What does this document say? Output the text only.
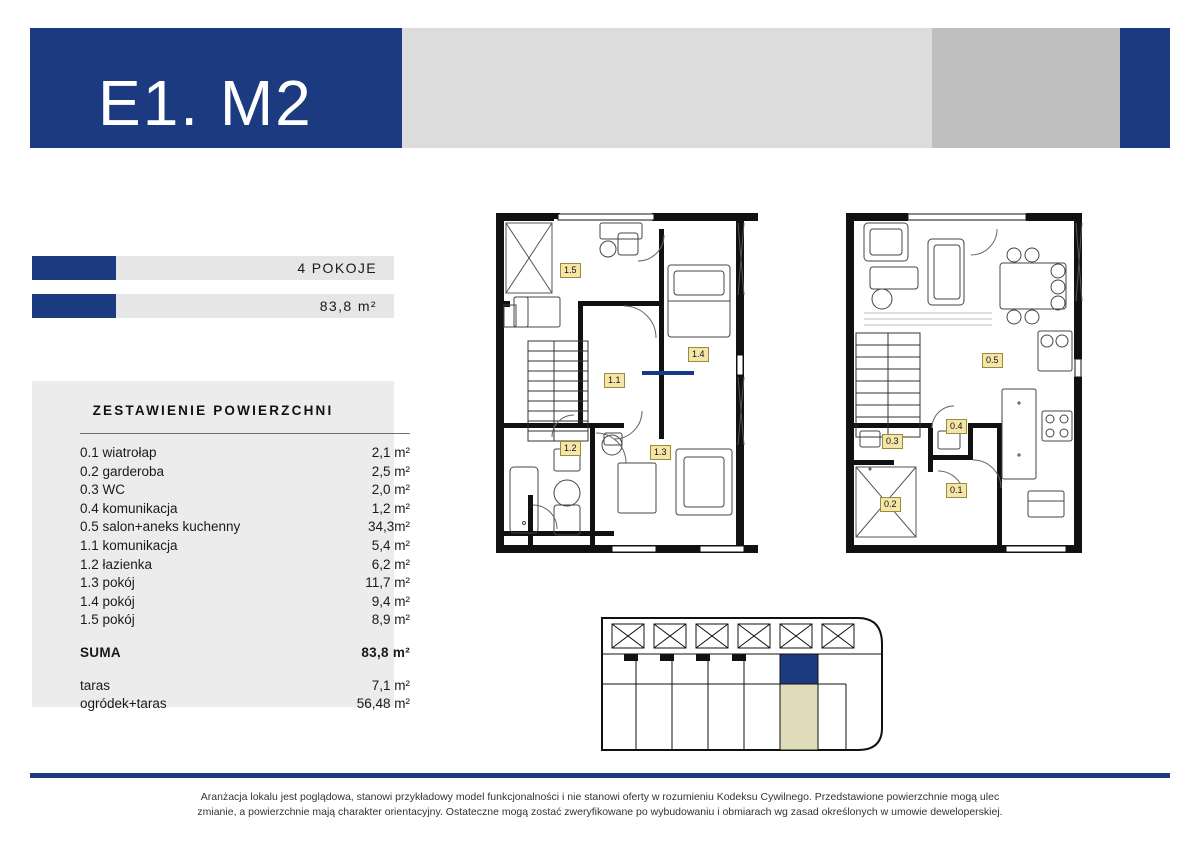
E1. M2
4 POKOJE
83,8 m²
ZESTAWIENIE POWIERZCHNI
0.1 wiatrołap	2,1 m²
0.2 garderoba	2,5 m²
0.3 WC	2,0 m²
0.4 komunikacja	1,2 m²
0.5 salon+aneks kuchenny	34,3m²
1.1 komunikacja	5,4 m²
1.2 łazienka	6,2 m²
1.3 pokój	11,7 m²
1.4 pokój	9,4 m²
1.5 pokój	8,9 m²
SUMA	83,8 m²
taras	7,1 m²
ogródek+taras	56,48 m²
1.5
1.4
1.1
1.2	1.3
0.5
0.4
0.3
0.2
0.1
Aranżacja lokalu jest poglądowa, stanowi przykładowy model funkcjonalności i nie stanowi oferty w rozumieniu Kodeksu Cywilnego. Przedstawione powierzchnie mogą ulec
zmianie, a powierzchnie mają charakter orientacyjny. Ostateczne mogą zostać zweryfikowane po wybudowaniu i obmiarach wg zasad określonych w umowie deweloperskiej.
